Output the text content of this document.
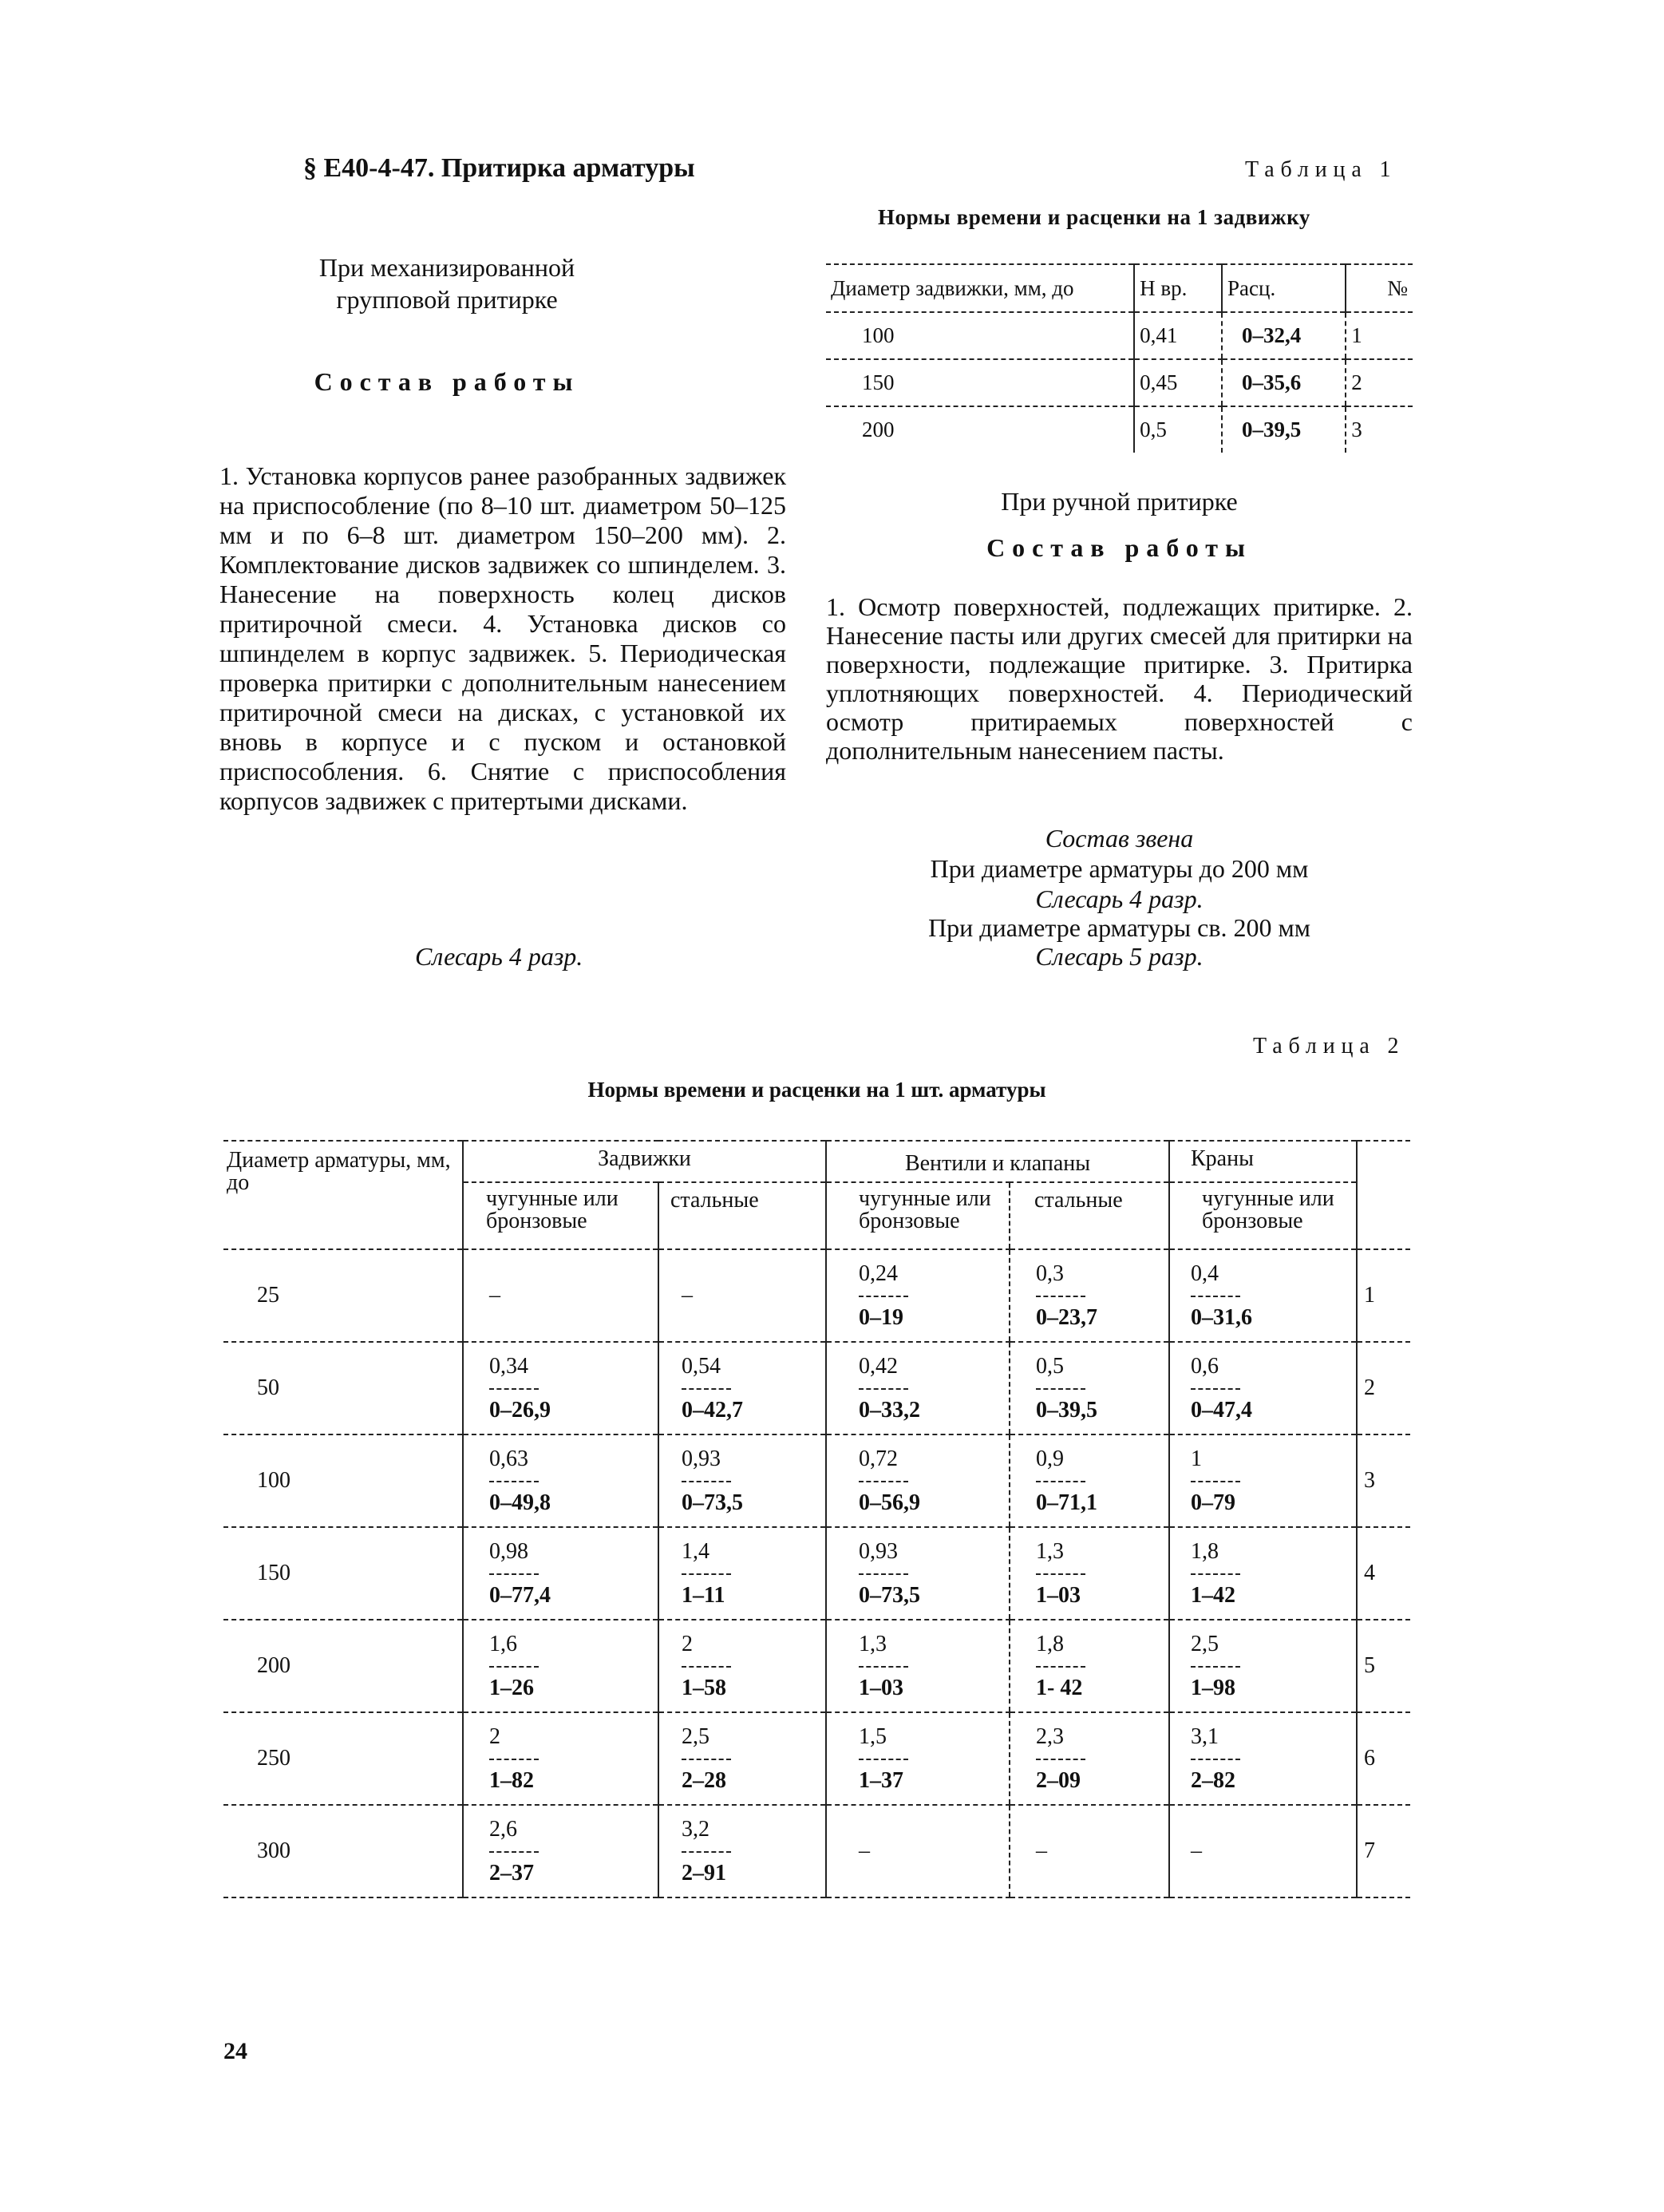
§ Е40-4-47. Притирка арматуры
При механизированной групповой притирке
Состав работы
1. Установка корпусов ранее разобранных задвижек на приспособление (по 8–10 шт. диаметром 50–125 мм и по 6–8 шт. диаметром 150–200 мм). 2. Комплектование дисков задвижек со шпинделем. 3. Нанесение на поверхность колец дисков притирочной смеси. 4. Установка дисков со шпинделем в корпус задвижек. 5. Периодическая проверка притирки с дополнительным нанесением притирочной смеси на дисках, с установкой их вновь в корпусе и с пуском и остановкой приспособления. 6. Снятие с приспособления корпусов задвижек с притертыми дисками.
Слесарь 4 разр.
Таблица 1
Нормы времени и расценки на 1 задвижку
Диаметр задвижки, мм, до	Н вр.	Расц.	№
100	0,41	0–32,4	1
150	0,45	0–35,6	2
200	0,5	0–39,5	3
При ручной притирке
Состав работы
1. Осмотр поверхностей, подлежащих притирке. 2. Нанесение пасты или других смесей для притирки на поверхности, подлежащие притирке. 3. Притирка уплотняющих поверхностей. 4. Периодический осмотр притираемых поверхностей с дополнительным нанесением пасты.
Состав звена
При диаметре арматуры до 200 мм
Слесарь 4 разр.
При диаметре арматуры св. 200 мм
Слесарь 5 разр.
Таблица 2
Нормы времени и расценки на 1 шт. арматуры
Диаметр арматуры, мм, до	Задвижки		Вентили и клапаны		Краны	
	чугунные или бронзовые	стальные	чугунные или бронзовые	стальные	чугунные или бронзовые	
25	–	–	$\frac{0,24}{0-19}$	$\frac{0,3}{0-23,7}$	$\frac{0,4}{0-31,6}$	1
50	$\frac{0,34}{0-26,9}$	$\frac{0,54}{0-42,7}$	$\frac{0,42}{0-33,2}$	$\frac{0,5}{0-39,5}$	$\frac{0,6}{0-47,4}$	2
100	$\frac{0,63}{0-49,8}$	$\frac{0,93}{0-73,5}$	$\frac{0,72}{0-56,9}$	$\frac{0,9}{0-71,1}$	$\frac{1}{0-79}$	3
150	$\frac{0,98}{0-77,4}$	$\frac{1,4}{1-11}$	$\frac{0,93}{0-73,5}$	$\frac{1,3}{1-03}$	$\frac{1,8}{1-42}$	4
200	$\frac{1,6}{1-26}$	$\frac{2}{1-58}$	$\frac{1,3}{1-03}$	$\frac{1,8}{1- 42}$	$\frac{2,5}{1-98}$	5
250	$\frac{2}{1-82}$	$\frac{2,5}{2-28}$	$\frac{1,5}{1-37}$	$\frac{2,3}{2-09}$	$\frac{3,1}{2-82}$	6
300	$\frac{2,6}{2-37}$	$\frac{3,2}{2-91}$	–	–	–	7
24
